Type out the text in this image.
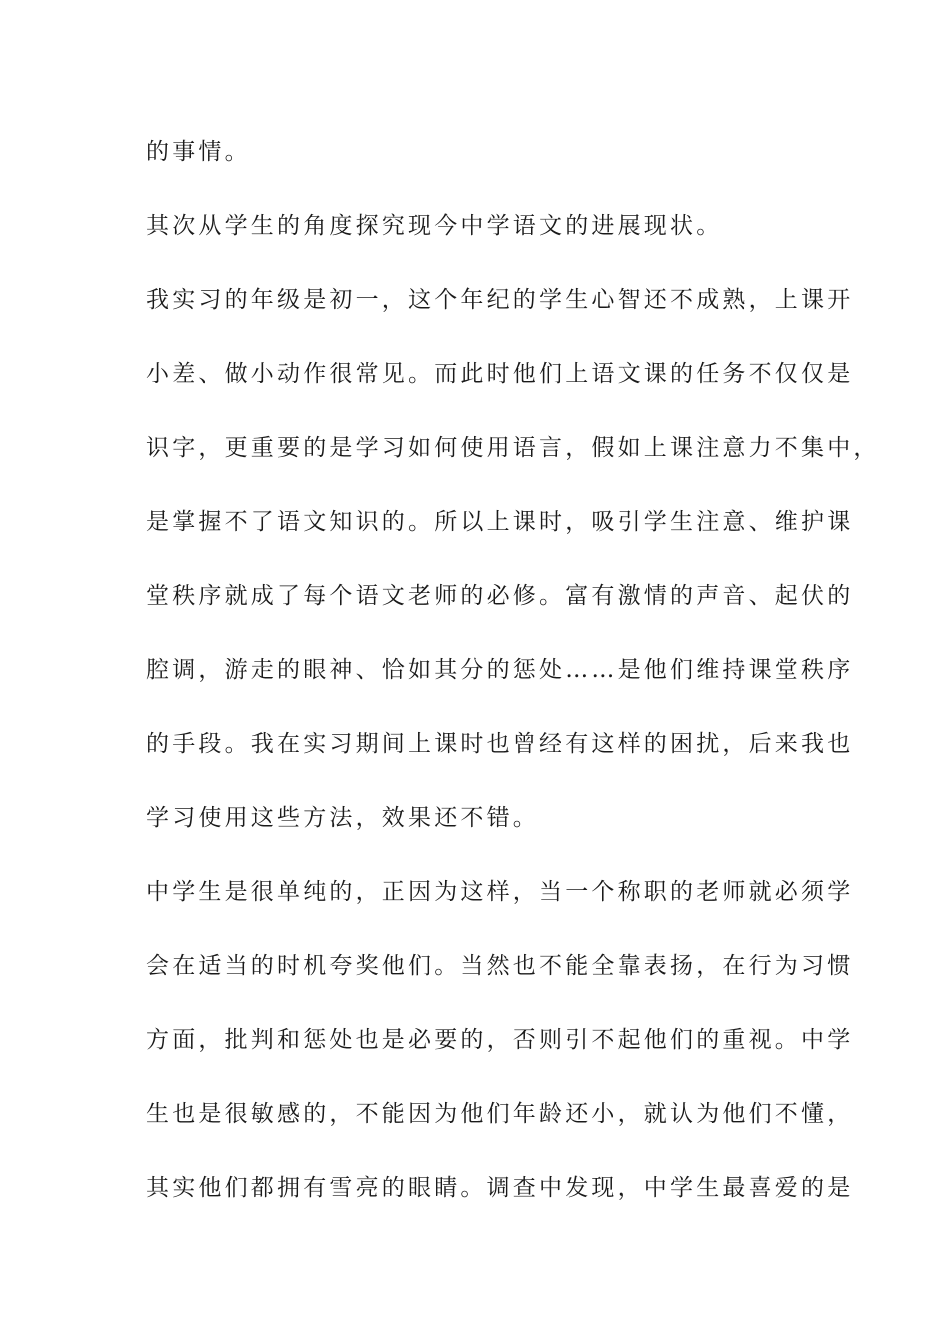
的事情。
其次从学生的角度探究现今中学语文的进展现状。
我实习的年级是初一，这个年纪的学生心智还不成熟，上课开
小差、做小动作很常见。而此时他们上语文课的任务不仅仅是
识字，更重要的是学习如何使用语言，假如上课注意力不集中，
是掌握不了语文知识的。所以上课时，吸引学生注意、维护课
堂秩序就成了每个语文老师的必修。富有激情的声音、起伏的
腔调，游走的眼神、恰如其分的惩处……是他们维持课堂秩序
的手段。我在实习期间上课时也曾经有这样的困扰，后来我也
学习使用这些方法，效果还不错。
中学生是很单纯的，正因为这样，当一个称职的老师就必须学
会在适当的时机夸奖他们。当然也不能全靠表扬，在行为习惯
方面，批判和惩处也是必要的，否则引不起他们的重视。中学
生也是很敏感的，不能因为他们年龄还小，就认为他们不懂，
其实他们都拥有雪亮的眼睛。调查中发现，中学生最喜爱的是
